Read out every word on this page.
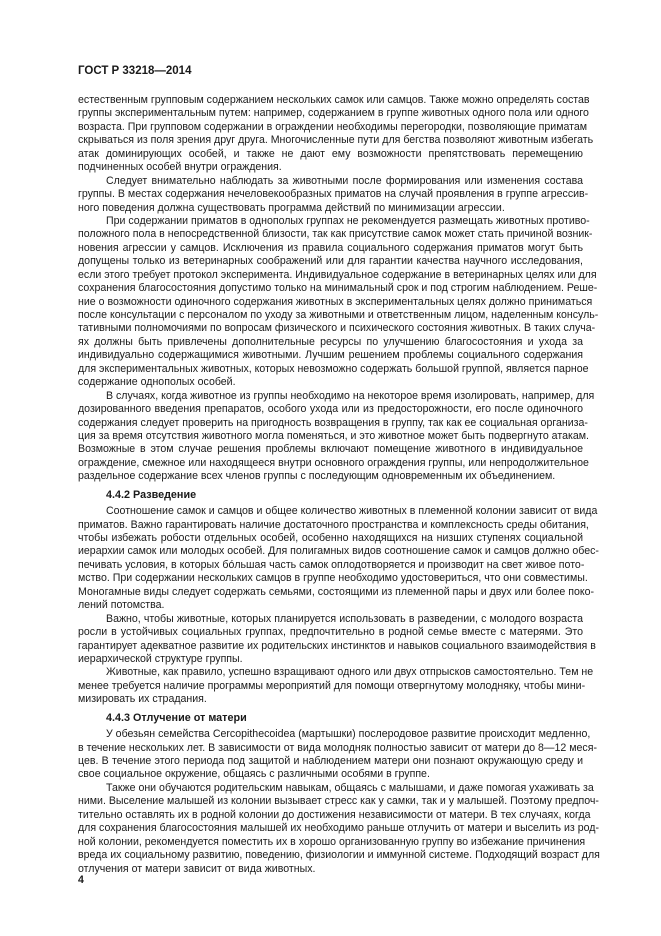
ГОСТ Р 33218—2014
естественным групповым содержанием нескольких самок или самцов. Также можно определять состав
группы экспериментальным путем: например, содержанием в группе животных одного пола или одного
возраста. При групповом содержании в ограждении необходимы перегородки, позволяющие приматам
скрываться из поля зрения друг друга. Многочисленные пути для бегства позволяют животным избегать
атак доминирующих особей, и также не дают ему возможности препятствовать перемещению
подчиненных особей внутри ограждения.
Следует внимательно наблюдать за животными после формирования или изменения состава
группы. В местах содержания нечеловекообразных приматов на случай проявления в группе агрессив-
ного поведения должна существовать программа действий по минимизации агрессии.
При содержании приматов в однополых группах не рекомендуется размещать животных противо-
положного пола в непосредственной близости, так как присутствие самок может стать причиной возник-
новения агрессии у самцов. Исключения из правила социального содержания приматов могут быть
допущены только из ветеринарных соображений или для гарантии качества научного исследования,
если этого требует протокол эксперимента. Индивидуальное содержание в ветеринарных целях или для
сохранения благосостояния допустимо только на минимальный срок и под строгим наблюдением. Реше-
ние о возможности одиночного содержания животных в экспериментальных целях должно приниматься
после консультации с персоналом по уходу за животными и ответственным лицом, наделенным консуль-
тативными полномочиями по вопросам физического и психического состояния животных. В таких случа-
ях должны быть привлечены дополнительные ресурсы по улучшению благосостояния и ухода за
индивидуально содержащимися животными. Лучшим решением проблемы социального содержания
для экспериментальных животных, которых невозможно содержать большой группой, является парное
содержание однополых особей.
В случаях, когда животное из группы необходимо на некоторое время изолировать, например, для
дозированного введения препаратов, особого ухода или из предосторожности, его после одиночного
содержания следует проверить на пригодность возвращения в группу, так как ее социальная организа-
ция за время отсутствия животного могла поменяться, и это животное может быть подвергнуто атакам.
Возможные в этом случае решения проблемы включают помещение животного в индивидуальное
ограждение, смежное или находящееся внутри основного ограждения группы, или непродолжительное
раздельное содержание всех членов группы с последующим одновременным их объединением.
4.4.2 Разведение
Соотношение самок и самцов и общее количество животных в племенной колонии зависит от вида
приматов. Важно гарантировать наличие достаточного пространства и комплексность среды обитания,
чтобы избежать робости отдельных особей, особенно находящихся на низших ступенях социальной
иерархии самок или молодых особей. Для полигамных видов соотношение самок и самцов должно обес-
печивать условия, в которых бóльшая часть самок оплодотворяется и производит на свет живое пото-
мство. При содержании нескольких самцов в группе необходимо удостовериться, что они совместимы.
Моногамные виды следует содержать семьями, состоящими из племенной пары и двух или более поко-
лений потомства.
Важно, чтобы животные, которых планируется использовать в разведении, с молодого возраста
росли в устойчивых социальных группах, предпочтительно в родной семье вместе с матерями. Это
гарантирует адекватное развитие их родительских инстинктов и навыков социального взаимодействия в
иерархической структуре группы.
Животные, как правило, успешно взращивают одного или двух отпрысков самостоятельно. Тем не
менее требуется наличие программы мероприятий для помощи отвергнутому молодняку, чтобы мини-
мизировать их страдания.
4.4.3 Отлучение от матери
У обезьян семейства Cercopithecoidea (мартышки) послеродовое развитие происходит медленно,
в течение нескольких лет. В зависимости от вида молодняк полностью зависит от матери до 8—12 меся-
цев. В течение этого периода под защитой и наблюдением матери они познают окружающую среду и
свое социальное окружение, общаясь с различными особями в группе.
Также они обучаются родительским навыкам, общаясь с малышами, и даже помогая ухаживать за
ними. Выселение малышей из колонии вызывает стресс как у самки, так и у малышей. Поэтому предпоч-
тительно оставлять их в родной колонии до достижения независимости от матери. В тех случаях, когда
для сохранения благосостояния малышей их необходимо раньше отлучить от матери и выселить из род-
ной колонии, рекомендуется поместить их в хорошо организованную группу во избежание причинения
вреда их социальному развитию, поведению, физиологии и иммунной системе. Подходящий возраст для
отлучения от матери зависит от вида животных.
4
